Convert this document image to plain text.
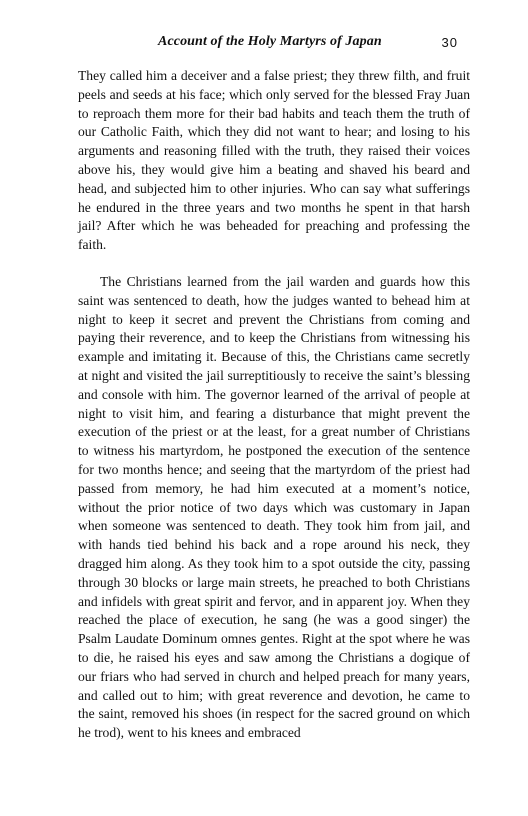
Account of the Holy Martyrs of Japan	30

They called him a deceiver and a false priest; they threw filth, and fruit peels and seeds at his face; which only served for the blessed Fray Juan to reproach them more for their bad habits and teach them the truth of our Catholic Faith, which they did not want to hear; and losing to his arguments and reasoning filled with the truth, they raised their voices above his, they would give him a beating and shaved his beard and head, and subjected him to other injuries. Who can say what sufferings he endured in the three years and two months he spent in that harsh jail? After which he was beheaded for preaching and professing the faith.

The Christians learned from the jail warden and guards how this saint was sentenced to death, how the judges wanted to behead him at night to keep it secret and prevent the Christians from coming and paying their reverence, and to keep the Christians from witnessing his example and imitating it. Because of this, the Christians came secretly at night and visited the jail surreptitiously to receive the saint’s blessing and console with him. The governor learned of the arrival of people at night to visit him, and fearing a disturbance that might prevent the execution of the priest or at the least, for a great number of Christians to witness his martyrdom, he postponed the execution of the sentence for two months hence; and seeing that the martyrdom of the priest had passed from memory, he had him executed at a moment’s notice, without the prior notice of two days which was customary in Japan when someone was sentenced to death. They took him from jail, and with hands tied behind his back and a rope around his neck, they dragged him along. As they took him to a spot outside the city, passing through 30 blocks or large main streets, he preached to both Christians and infidels with great spirit and fervor, and in apparent joy. When they reached the place of execution, he sang (he was a good singer) the Psalm Laudate Dominum omnes gentes. Right at the spot where he was to die, he raised his eyes and saw among the Christians a dogique of our friars who had served in church and helped preach for many years, and called out to him; with great reverence and devotion, he came to the saint, removed his shoes (in respect for the sacred ground on which he trod), went to his knees and embraced
